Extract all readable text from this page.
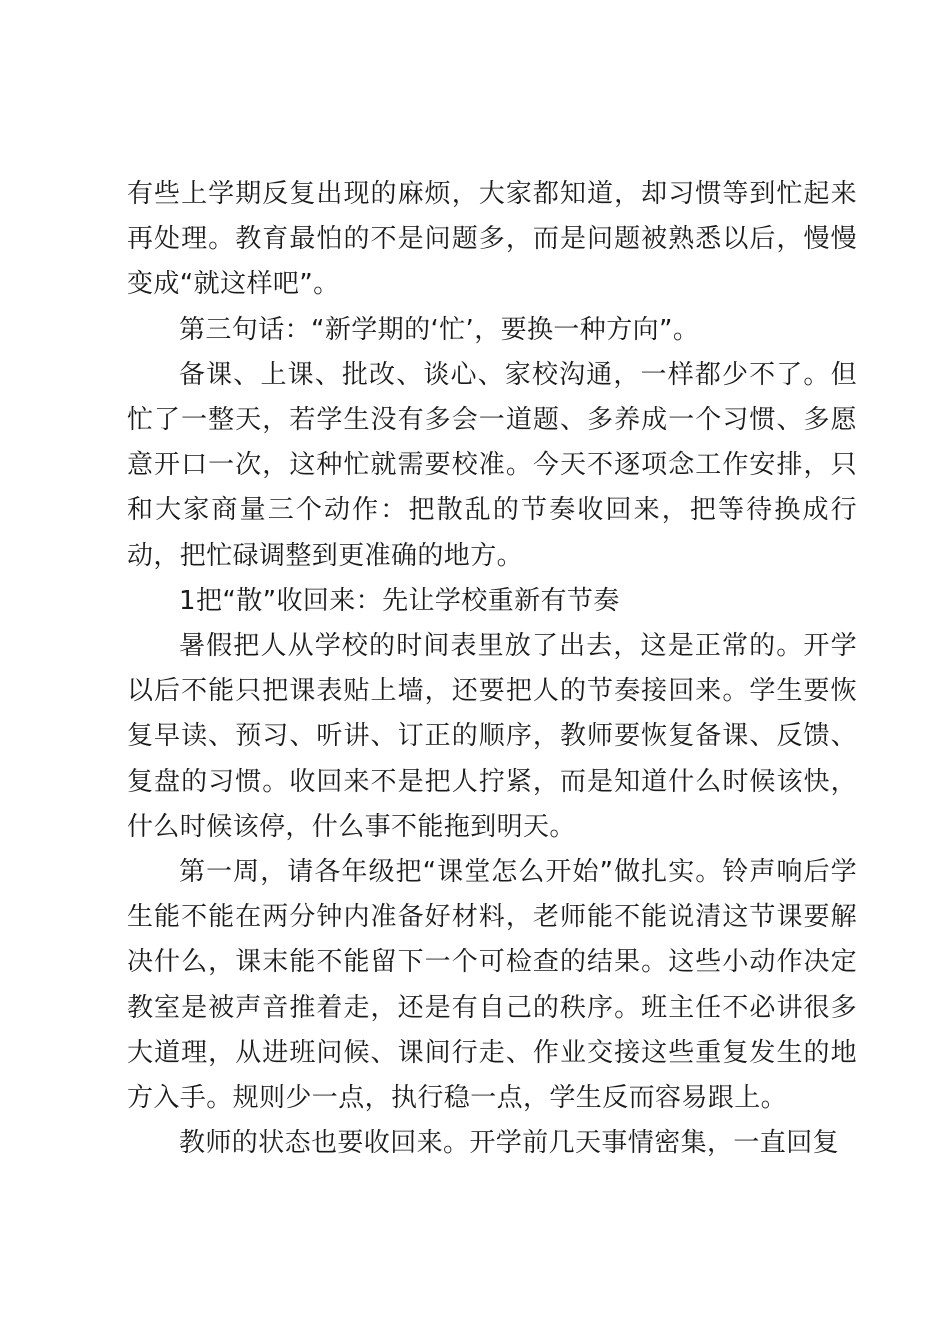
有些上学期反复出现的麻烦，大家都知道，却习惯等到忙起来再处理。教育最怕的不是问题多，而是问题被熟悉以后，慢慢变成“就这样吧”。

第三句话：“新学期的‘忙’，要换一种方向”。

备课、上课、批改、谈心、家校沟通，一样都少不了。但忙了一整天，若学生没有多会一道题、多养成一个习惯、多愿意开口一次，这种忙就需要校准。今天不逐项念工作安排，只和大家商量三个动作：把散乱的节奏收回来，把等待换成行动，把忙碌调整到更准确的地方。

1把“散”收回来：先让学校重新有节奏

暑假把人从学校的时间表里放了出去，这是正常的。开学以后不能只把课表贴上墙，还要把人的节奏接回来。学生要恢复早读、预习、听讲、订正的顺序，教师要恢复备课、反馈、复盘的习惯。收回来不是把人拧紧，而是知道什么时候该快，什么时候该停，什么事不能拖到明天。

第一周，请各年级把“课堂怎么开始”做扎实。铃声响后学生能不能在两分钟内准备好材料，老师能不能说清这节课要解决什么，课末能不能留下一个可检查的结果。这些小动作决定教室是被声音推着走，还是有自己的秩序。班主任不必讲很多大道理，从进班问候、课间行走、作业交接这些重复发生的地方入手。规则少一点，执行稳一点，学生反而容易跟上。

教师的状态也要收回来。开学前几天事情密集，一直回复
